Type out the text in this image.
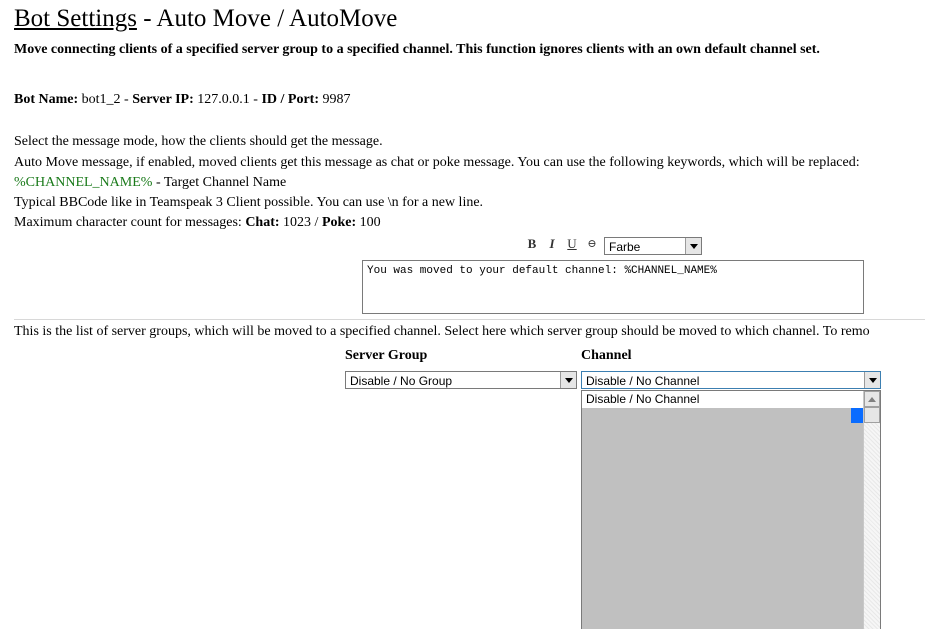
Bot Settings - Auto Move / AutoMove
Move connecting clients of a specified server group to a specified channel. This function ignores clients with an own default channel set.
Bot Name: bot1_2 - Server IP: 127.0.0.1 - ID / Port: 9987
Select the message mode, how the clients should get the message.
Auto Move message, if enabled, moved clients get this message as chat or poke message. You can use the following keywords, which will be replaced:
%CHANNEL_NAME% - Target Channel Name
Typical BBCode like in Teamspeak 3 Client possible. You can use \n for a new line.
Maximum character count for messages: Chat: 1023 / Poke: 100
B	I U ⊖ Farbe
You was moved to your default channel: %CHANNEL_NAME%
This is the list of server groups, which will be moved to a specified channel. Select here which server group should be moved to which channel. To remo
Server Group	Channel
Disable / No Group	Disable / No Channel
Disable / No Channel
